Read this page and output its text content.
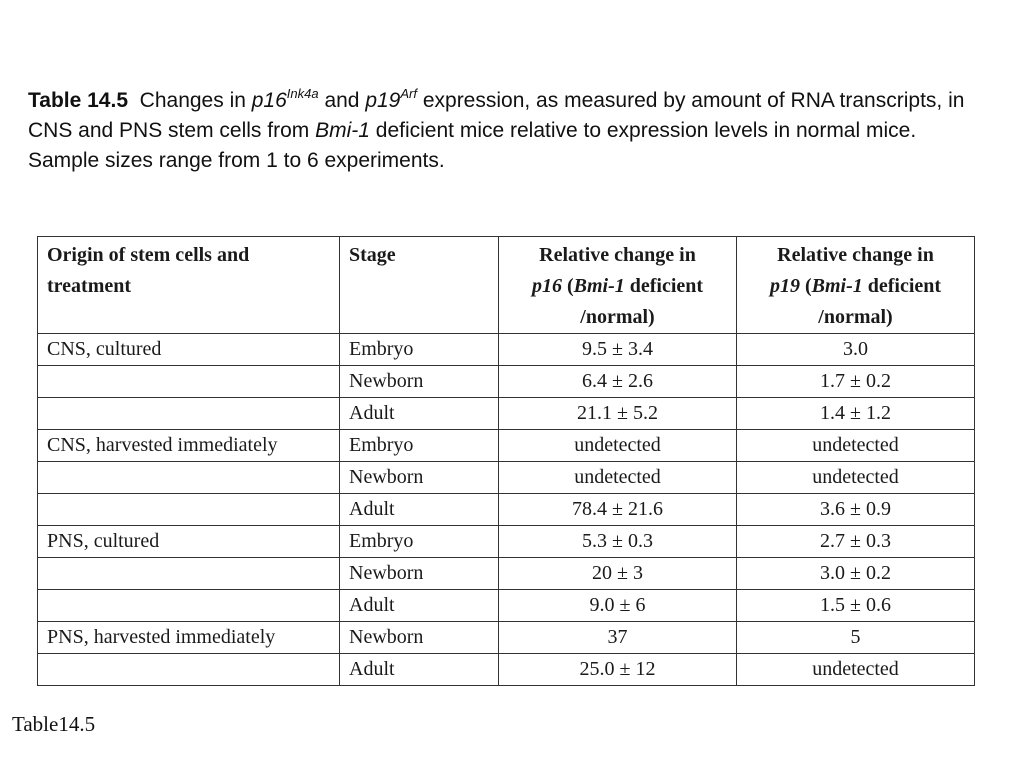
Table 14.5 Changes in $p16^{Ink4a}$ and $p19^{Arf}$ expression, as measured by amount of RNA transcripts, in CNS and PNS stem cells from Bmi-1 deficient mice relative to expression levels in normal mice. Sample sizes range from 1 to 6 experiments.
Origin of stem cells and
treatment	Stage	Relative change in
p16 (Bmi-1 deficient
/normal)	Relative change in
p19 (Bmi-1 deficient
/normal)
CNS, cultured	Embryo	9.5 ± 3.4	3.0
	Newborn	6.4 ± 2.6	1.7 ± 0.2
	Adult	21.1 ± 5.2	1.4 ± 1.2
CNS, harvested immediately	Embryo	undetected	undetected
	Newborn	undetected	undetected
	Adult	78.4 ± 21.6	3.6 ± 0.9
PNS, cultured	Embryo	5.3 ± 0.3	2.7 ± 0.3
	Newborn	20 ± 3	3.0 ± 0.2
	Adult	9.0 ± 6	1.5 ± 0.6
PNS, harvested immediately	Newborn	37	5
	Adult	25.0 ± 12	undetected
Table14.5
